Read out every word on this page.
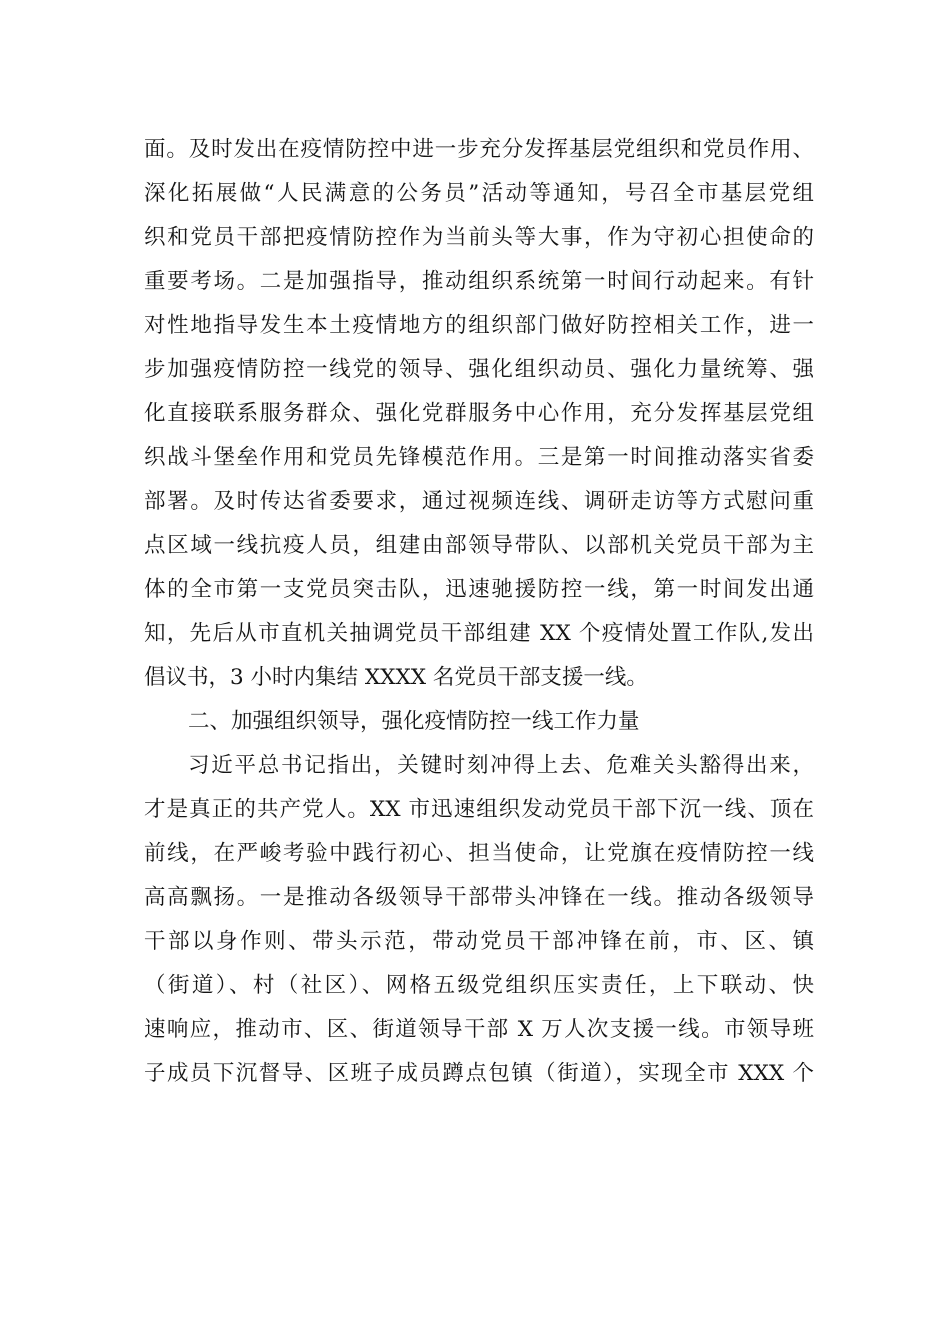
面。及时发出在疫情防控中进一步充分发挥基层党组织和党员作用、
深化拓展做“人民满意的公务员”活动等通知，号召全市基层党组
织和党员干部把疫情防控作为当前头等大事，作为守初心担使命的
重要考场。二是加强指导，推动组织系统第一时间行动起来。有针
对性地指导发生本土疫情地方的组织部门做好防控相关工作，进一
步加强疫情防控一线党的领导、强化组织动员、强化力量统筹、强
化直接联系服务群众、强化党群服务中心作用，充分发挥基层党组
织战斗堡垒作用和党员先锋模范作用。三是第一时间推动落实省委
部署。及时传达省委要求，通过视频连线、调研走访等方式慰问重
点区域一线抗疫人员，组建由部领导带队、以部机关党员干部为主
体的全市第一支党员突击队，迅速驰援防控一线，第一时间发出通
知，先后从市直机关抽调党员干部组建 XX 个疫情处置工作队,发出
倡议书，3 小时内集结 XXXX 名党员干部支援一线。
二、加强组织领导，强化疫情防控一线工作力量
习近平总书记指出，关键时刻冲得上去、危难关头豁得出来，
才是真正的共产党人。XX 市迅速组织发动党员干部下沉一线、顶在
前线，在严峻考验中践行初心、担当使命，让党旗在疫情防控一线
高高飘扬。一是推动各级领导干部带头冲锋在一线。推动各级领导
干部以身作则、带头示范，带动党员干部冲锋在前，市、区、镇
（街道）、村（社区）、网格五级党组织压实责任，上下联动、快
速响应，推动市、区、街道领导干部 X 万人次支援一线。市领导班
子成员下沉督导、区班子成员蹲点包镇（街道），实现全市 XXX 个
